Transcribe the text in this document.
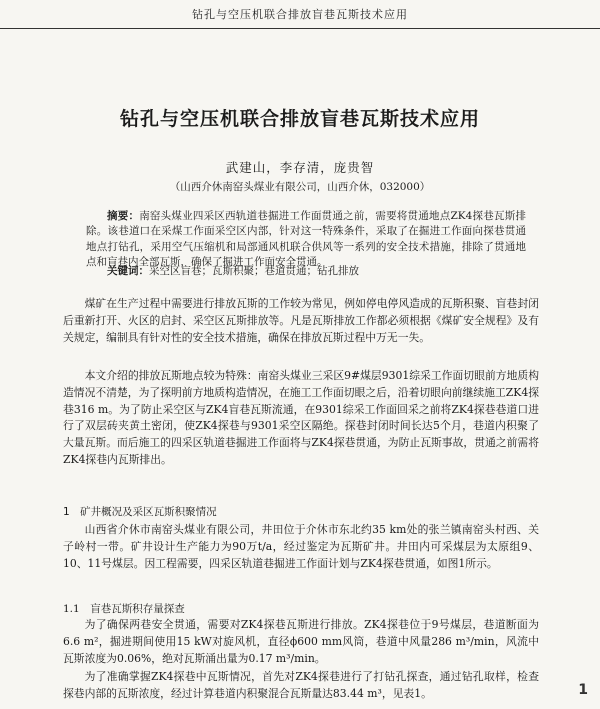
钻孔与空压机联合排放盲巷瓦斯技术应用
钻孔与空压机联合排放盲巷瓦斯技术应用
武建山，李存清，庞贵智
（山西介休南窑头煤业有限公司，山西介休，032000）
摘要：南窑头煤业四采区西轨道巷掘进工作面贯通之前，需要将贯通地点ZK4探巷瓦斯排除。该巷道口在采煤工作面采空区内部，针对这一特殊条件，采取了在掘进工作面向探巷贯通地点打钻孔，采用空气压缩机和局部通风机联合供风等一系列的安全技术措施，排除了贯通地点和盲巷内全部瓦斯，确保了掘进工作面安全贯通。
关键词：采空区盲巷；瓦斯积聚；巷道贯通；钻孔排放
煤矿在生产过程中需要进行排放瓦斯的工作较为常见，例如停电停风造成的瓦斯积聚、盲巷封闭后重新打开、火区的启封、采空区瓦斯排放等。凡是瓦斯排放工作都必须根据《煤矿安全规程》及有关规定，编制具有针对性的安全技术措施，确保在排放瓦斯过程中万无一失。
本文介绍的排放瓦斯地点较为特殊：南窑头煤业三采区9#煤层9301综采工作面切眼前方地质构造情况不清楚，为了探明前方地质构造情况，在施工工作面切眼之后，沿着切眼向前继续施工ZK4探巷316 m。为了防止采空区与ZK4盲巷瓦斯流通，在9301综采工作面回采之前将ZK4探巷巷道口进行了双层砖夹黄土密闭，使ZK4探巷与9301采空区隔绝。探巷封闭时间长达5个月，巷道内积聚了大量瓦斯。而后施工的四采区轨道巷掘进工作面将与ZK4探巷贯通，为防止瓦斯事故，贯通之前需将ZK4探巷内瓦斯排出。
1　矿井概况及采区瓦斯积聚情况
山西省介休市南窑头煤业有限公司，井田位于介休市东北约35 km处的张兰镇南窑头村西、关子岭村一带。矿井设计生产能力为90万t/a，经过鉴定为瓦斯矿井。井田内可采煤层为太原组9、10、11号煤层。因工程需要，四采区轨道巷掘进工作面计划与ZK4探巷贯通，如图1所示。
1.1　盲巷瓦斯积存量探查
为了确保两巷安全贯通，需要对ZK4探巷瓦斯进行排放。ZK4探巷位于9号煤层，巷道断面为6.6 m²，掘进期间使用15 kW对旋风机，直径ϕ600 mm风筒，巷道中风量286 m³/min，风流中瓦斯浓度为0.06%，绝对瓦斯涌出量为0.17 m³/min。
为了准确掌握ZK4探巷中瓦斯情况，首先对ZK4探巷进行了打钻孔探查，通过钻孔取样，检查探巷内部的瓦斯浓度，经过计算巷道内积聚混合瓦斯量达83.44 m³，见表1。	1
